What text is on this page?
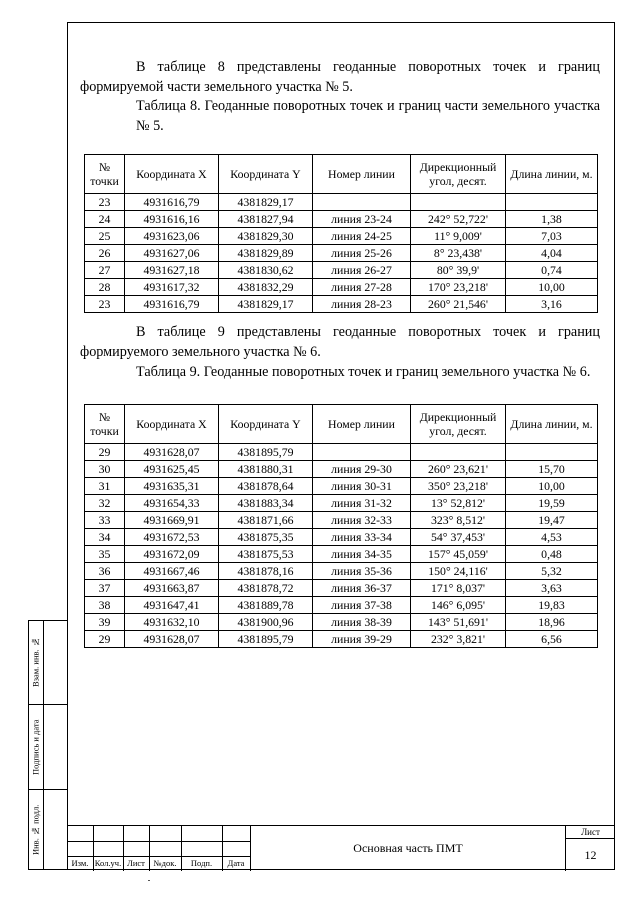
В таблице 8 представлены геоданные поворотных точек и границ формируемой части земельного участка № 5.

Таблица 8. Геоданные поворотных точек и границ части земельного участка № 5.

№ точки	Координата X	Координата Y	Номер линии	Дирекционный угол, десят.	Длина линии, м.
23	4931616,79	4381829,17			
24	4931616,16	4381827,94	линия 23-24	242° 52,722'	1,38
25	4931623,06	4381829,30	линия 24-25	11° 9,009'	7,03
26	4931627,06	4381829,89	линия 25-26	8° 23,438'	4,04
27	4931627,18	4381830,62	линия 26-27	80° 39,9'	0,74
28	4931617,32	4381832,29	линия 27-28	170° 23,218'	10,00
23	4931616,79	4381829,17	линия 28-23	260° 21,546'	3,16

В таблице 9 представлены геоданные поворотных точек и границ формируемого земельного участка № 6.

Таблица 9. Геоданные поворотных точек и границ земельного участка № 6.

№ точки	Координата X	Координата Y	Номер линии	Дирекционный угол, десят.	Длина линии, м.
29	4931628,07	4381895,79			
30	4931625,45	4381880,31	линия 29-30	260° 23,621'	15,70
31	4931635,31	4381878,64	линия 30-31	350° 23,218'	10,00
32	4931654,33	4381883,34	линия 31-32	13° 52,812'	19,59
33	4931669,91	4381871,66	линия 32-33	323° 8,512'	19,47
34	4931672,53	4381875,35	линия 33-34	54° 37,453'	4,53
35	4931672,09	4381875,53	линия 34-35	157° 45,059'	0,48
36	4931667,46	4381878,16	линия 35-36	150° 24,116'	5,32
37	4931663,87	4381878,72	линия 36-37	171° 8,037'	3,63
38	4931647,41	4381889,78	линия 37-38	146° 6,095'	19,83
39	4931632,10	4381900,96	линия 38-39	143° 51,691'	18,96
29	4931628,07	4381895,79	линия 39-29	232° 3,821'	6,56
Взам. инв. №
Подпись и дата
Инв. № подл.
Изм. Кол.уч. Лист	№док.	Подп.	Дата
Основная часть ПМТ
Лист
12
